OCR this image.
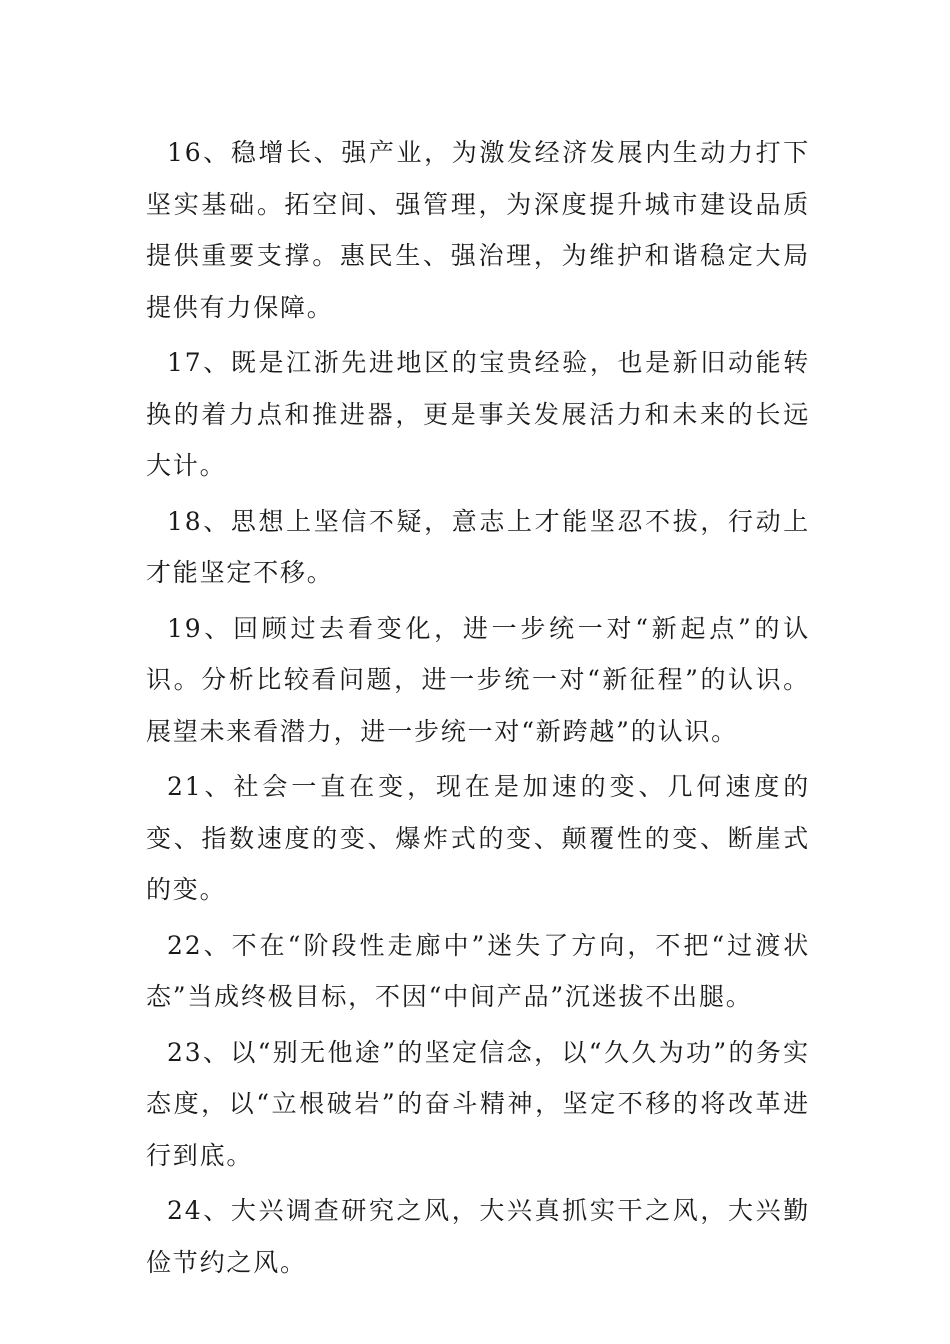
16、稳增长、强产业，为激发经济发展内生动力打下坚实基础。拓空间、强管理，为深度提升城市建设品质提供重要支撑。惠民生、强治理，为维护和谐稳定大局提供有力保障。

17、既是江浙先进地区的宝贵经验，也是新旧动能转换的着力点和推进器，更是事关发展活力和未来的长远大计。

18、思想上坚信不疑，意志上才能坚忍不拔，行动上才能坚定不移。

19、回顾过去看变化，进一步统一对“新起点”的认识。分析比较看问题，进一步统一对“新征程”的认识。展望未来看潜力，进一步统一对“新跨越”的认识。

21、社会一直在变，现在是加速的变、几何速度的变、指数速度的变、爆炸式的变、颠覆性的变、断崖式的变。

22、不在“阶段性走廊中”迷失了方向，不把“过渡状态”当成终极目标，不因“中间产品”沉迷拔不出腿。

23、以“别无他途”的坚定信念，以“久久为功”的务实态度，以“立根破岩”的奋斗精神，坚定不移的将改革进行到底。

24、大兴调查研究之风，大兴真抓实干之风，大兴勤俭节约之风。
